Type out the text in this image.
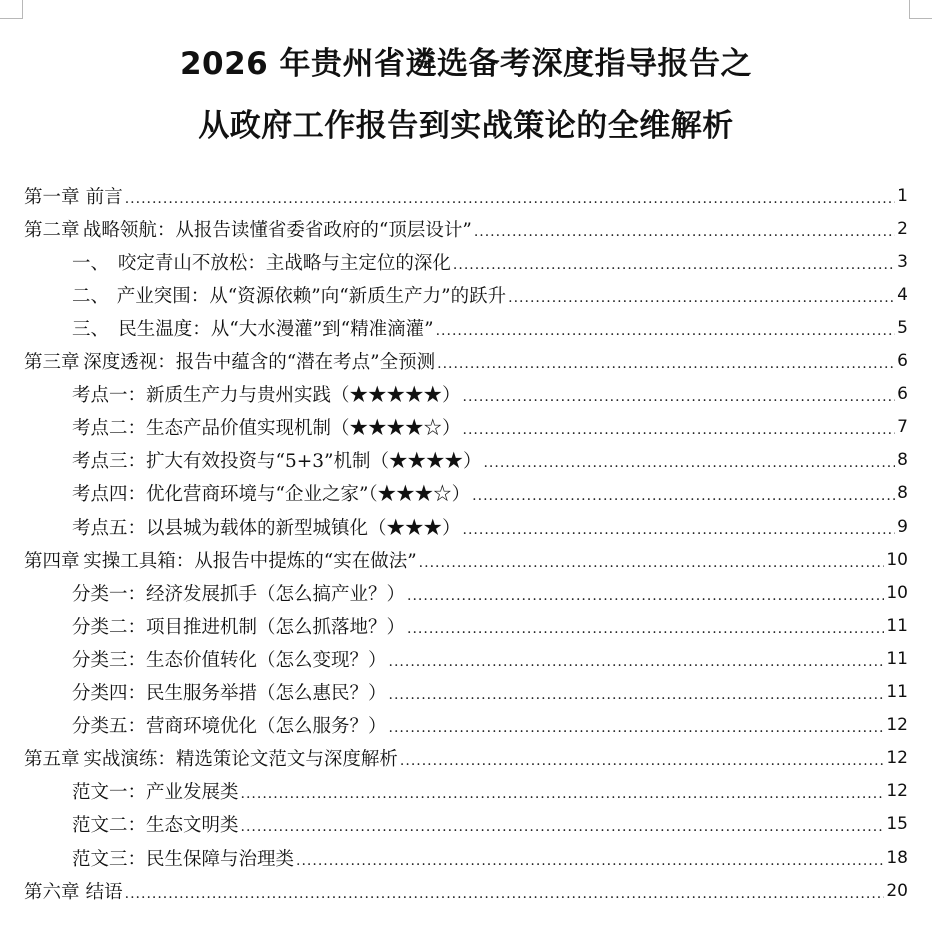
2026 年贵州省遴选备考深度指导报告之
从政府工作报告到实战策论的全维解析
第一章 前言 .....	1
第二章 战略领航：从报告读懂省委省政府的“顶层设计” .....	2
一、 咬定青山不放松：主战略与主定位的深化 .....	3
二、 产业突围：从“资源依赖”向“新质生产力”的跃升 .....	4
三、 民生温度：从“大水漫灌”到“精准滴灌” .....	5
第三章 深度透视：报告中蕴含的“潜在考点”全预测 .....	6
考点一：新质生产力与贵州实践（★★★★★） .....	6
考点二：生态产品价值实现机制（★★★★☆） .....	7
考点三：扩大有效投资与“5+3”机制（★★★★） .....	8
考点四：优化营商环境与“企业之家”（★★★☆） .....	8
考点五：以县城为载体的新型城镇化（★★★） .....	9
第四章 实操工具箱：从报告中提炼的“实在做法” .....	10
分类一：经济发展抓手（怎么搞产业？） .....	10
分类二：项目推进机制（怎么抓落地？） .....	11
分类三：生态价值转化（怎么变现？） .....	11
分类四：民生服务举措（怎么惠民？） .....	11
分类五：营商环境优化（怎么服务？） .....	12
第五章 实战演练：精选策论文范文与深度解析 .....	12
范文一：产业发展类 .....	12
范文二：生态文明类 .....	15
范文三：民生保障与治理类 .....	18
第六章 结语 .....	20
